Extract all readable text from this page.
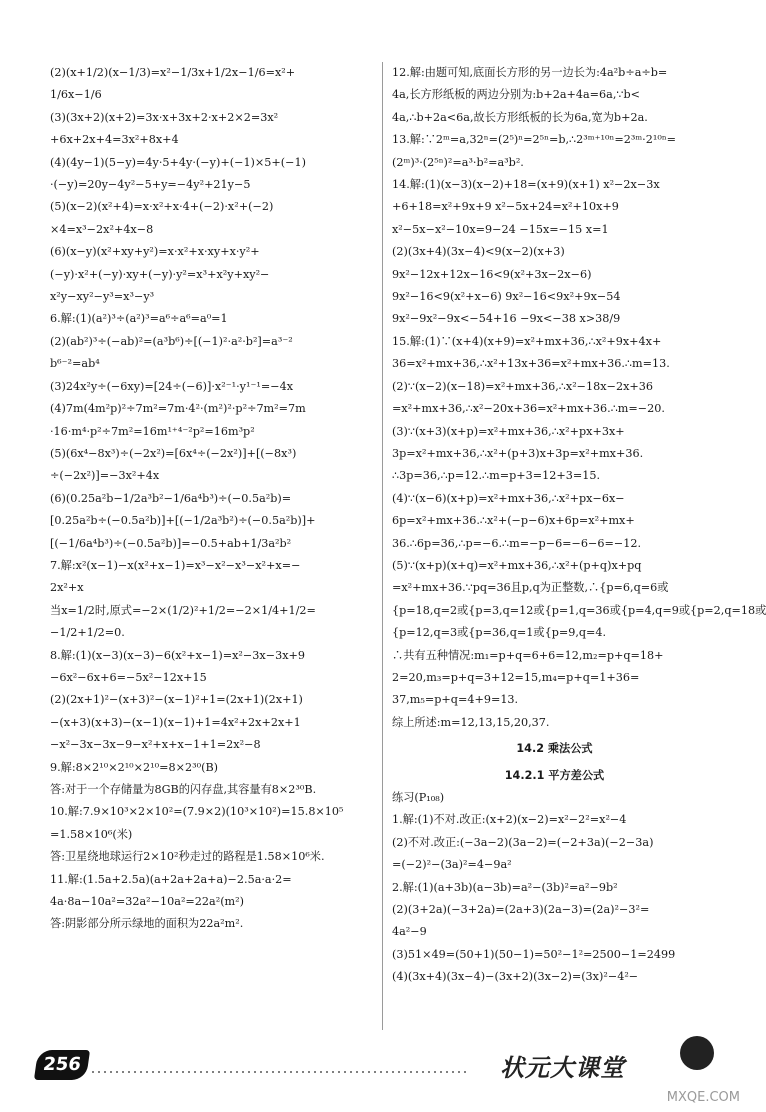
(2)(x+1/2)(x−1/3)=x²−1/3x+1/2x−1/6=x²+
1/6x−1/6
(3)(3x+2)(x+2)=3x·x+3x+2·x+2×2=3x²
+6x+2x+4=3x²+8x+4
(4)(4y−1)(5−y)=4y·5+4y·(−y)+(−1)×5+(−1)
·(−y)=20y−4y²−5+y=−4y²+21y−5
(5)(x−2)(x²+4)=x·x²+x·4+(−2)·x²+(−2)
×4=x³−2x²+4x−8
(6)(x−y)(x²+xy+y²)=x·x²+x·xy+x·y²+
(−y)·x²+(−y)·xy+(−y)·y²=x³+x²y+xy²−
x²y−xy²−y³=x³−y³
6.解:(1)(a²)³÷(a²)³=a⁶÷a⁶=a⁰=1
(2)(ab²)³÷(−ab)²=(a³b⁶)÷[(−1)²·a²·b²]=a³⁻²
b⁶⁻²=ab⁴
(3)24x²y÷(−6xy)=[24÷(−6)]·x²⁻¹·y¹⁻¹=−4x
(4)7m(4m²p)²÷7m²=7m·4²·(m²)²·p²÷7m²=7m
·16·m⁴·p²÷7m²=16m¹⁺⁴⁻²p²=16m³p²
(5)(6x⁴−8x³)÷(−2x²)=[6x⁴÷(−2x²)]+[(−8x³)
÷(−2x²)]=−3x²+4x
(6)(0.25a²b−1/2a³b²−1/6a⁴b³)÷(−0.5a²b)=
[0.25a²b÷(−0.5a²b)]+[(−1/2a³b²)÷(−0.5a²b)]+
[(−1/6a⁴b³)÷(−0.5a²b)]=−0.5+ab+1/3a²b²
7.解:x²(x−1)−x(x²+x−1)=x³−x²−x³−x²+x=−
2x²+x
当x=1/2时,原式=−2×(1/2)²+1/2=−2×1/4+1/2=
−1/2+1/2=0.
8.解:(1)(x−3)(x−3)−6(x²+x−1)=x²−3x−3x+9
−6x²−6x+6=−5x²−12x+15
(2)(2x+1)²−(x+3)²−(x−1)²+1=(2x+1)(2x+1)
−(x+3)(x+3)−(x−1)(x−1)+1=4x²+2x+2x+1
−x²−3x−3x−9−x²+x+x−1+1=2x²−8
9.解:8×2¹⁰×2¹⁰×2¹⁰=8×2³⁰(B)
答:对于一个存储量为8GB的闪存盘,其容量有8×2³⁰B.
10.解:7.9×10³×2×10²=(7.9×2)(10³×10²)=15.8×10⁵
=1.58×10⁶(米)
答:卫星绕地球运行2×10²秒走过的路程是1.58×10⁶米.
11.解:(1.5a+2.5a)(a+2a+2a+a)−2.5a·a·2=
4a·8a−10a²=32a²−10a²=22a²(m²)
答:阴影部分所示绿地的面积为22a²m².
12.解:由题可知,底面长方形的另一边长为:4a²b÷a÷b=
4a,长方形纸板的两边分别为:b+2a+4a=6a,∵b<
4a,∴b+2a<6a,故长方形纸板的长为6a,宽为b+2a.
13.解:∵2ᵐ=a,32ⁿ=(2⁵)ⁿ=2⁵ⁿ=b,∴2³ᵐ⁺¹⁰ⁿ=2³ᵐ·2¹⁰ⁿ=
(2ᵐ)³·(2⁵ⁿ)²=a³·b²=a³b².
14.解:(1)(x−3)(x−2)+18=(x+9)(x+1) x²−2x−3x
+6+18=x²+9x+9 x²−5x+24=x²+10x+9
x²−5x−x²−10x=9−24 −15x=−15 x=1
(2)(3x+4)(3x−4)<9(x−2)(x+3)
9x²−12x+12x−16<9(x²+3x−2x−6)
9x²−16<9(x²+x−6) 9x²−16<9x²+9x−54
9x²−9x²−9x<−54+16 −9x<−38 x>38/9
15.解:(1)∵(x+4)(x+9)=x²+mx+36,∴x²+9x+4x+
36=x²+mx+36,∴x²+13x+36=x²+mx+36.∴m=13.
(2)∵(x−2)(x−18)=x²+mx+36,∴x²−18x−2x+36
=x²+mx+36,∴x²−20x+36=x²+mx+36.∴m=−20.
(3)∵(x+3)(x+p)=x²+mx+36,∴x²+px+3x+
3p=x²+mx+36,∴x²+(p+3)x+3p=x²+mx+36.
∴3p=36,∴p=12.∴m=p+3=12+3=15.
(4)∵(x−6)(x+p)=x²+mx+36,∴x²+px−6x−
6p=x²+mx+36.∴x²+(−p−6)x+6p=x²+mx+
36.∴6p=36,∴p=−6.∴m=−p−6=−6−6=−12.
(5)∵(x+p)(x+q)=x²+mx+36,∴x²+(p+q)x+pq
=x²+mx+36.∵pq=36且p,q为正整数,∴{p=6,q=6或
{p=18,q=2或{p=3,q=12或{p=1,q=36或{p=4,q=9或{p=2,q=18或
{p=12,q=3或{p=36,q=1或{p=9,q=4.
∴共有五种情况:m₁=p+q=6+6=12,m₂=p+q=18+
2=20,m₃=p+q=3+12=15,m₄=p+q=1+36=
37,m₅=p+q=4+9=13.
综上所述:m=12,13,15,20,37.
14.2 乘法公式
14.2.1 平方差公式
练习(P₁₀₈)
1.解:(1)不对.改正:(x+2)(x−2)=x²−2²=x²−4
(2)不对.改正:(−3a−2)(3a−2)=(−2+3a)(−2−3a)
=(−2)²−(3a)²=4−9a²
2.解:(1)(a+3b)(a−3b)=a²−(3b)²=a²−9b²
(2)(3+2a)(−3+2a)=(2a+3)(2a−3)=(2a)²−3²=
4a²−9
(3)51×49=(50+1)(50−1)=50²−1²=2500−1=2499
(4)(3x+4)(3x−4)−(3x+2)(3x−2)=(3x)²−4²−
256	状元大课堂
MXQE.COM
